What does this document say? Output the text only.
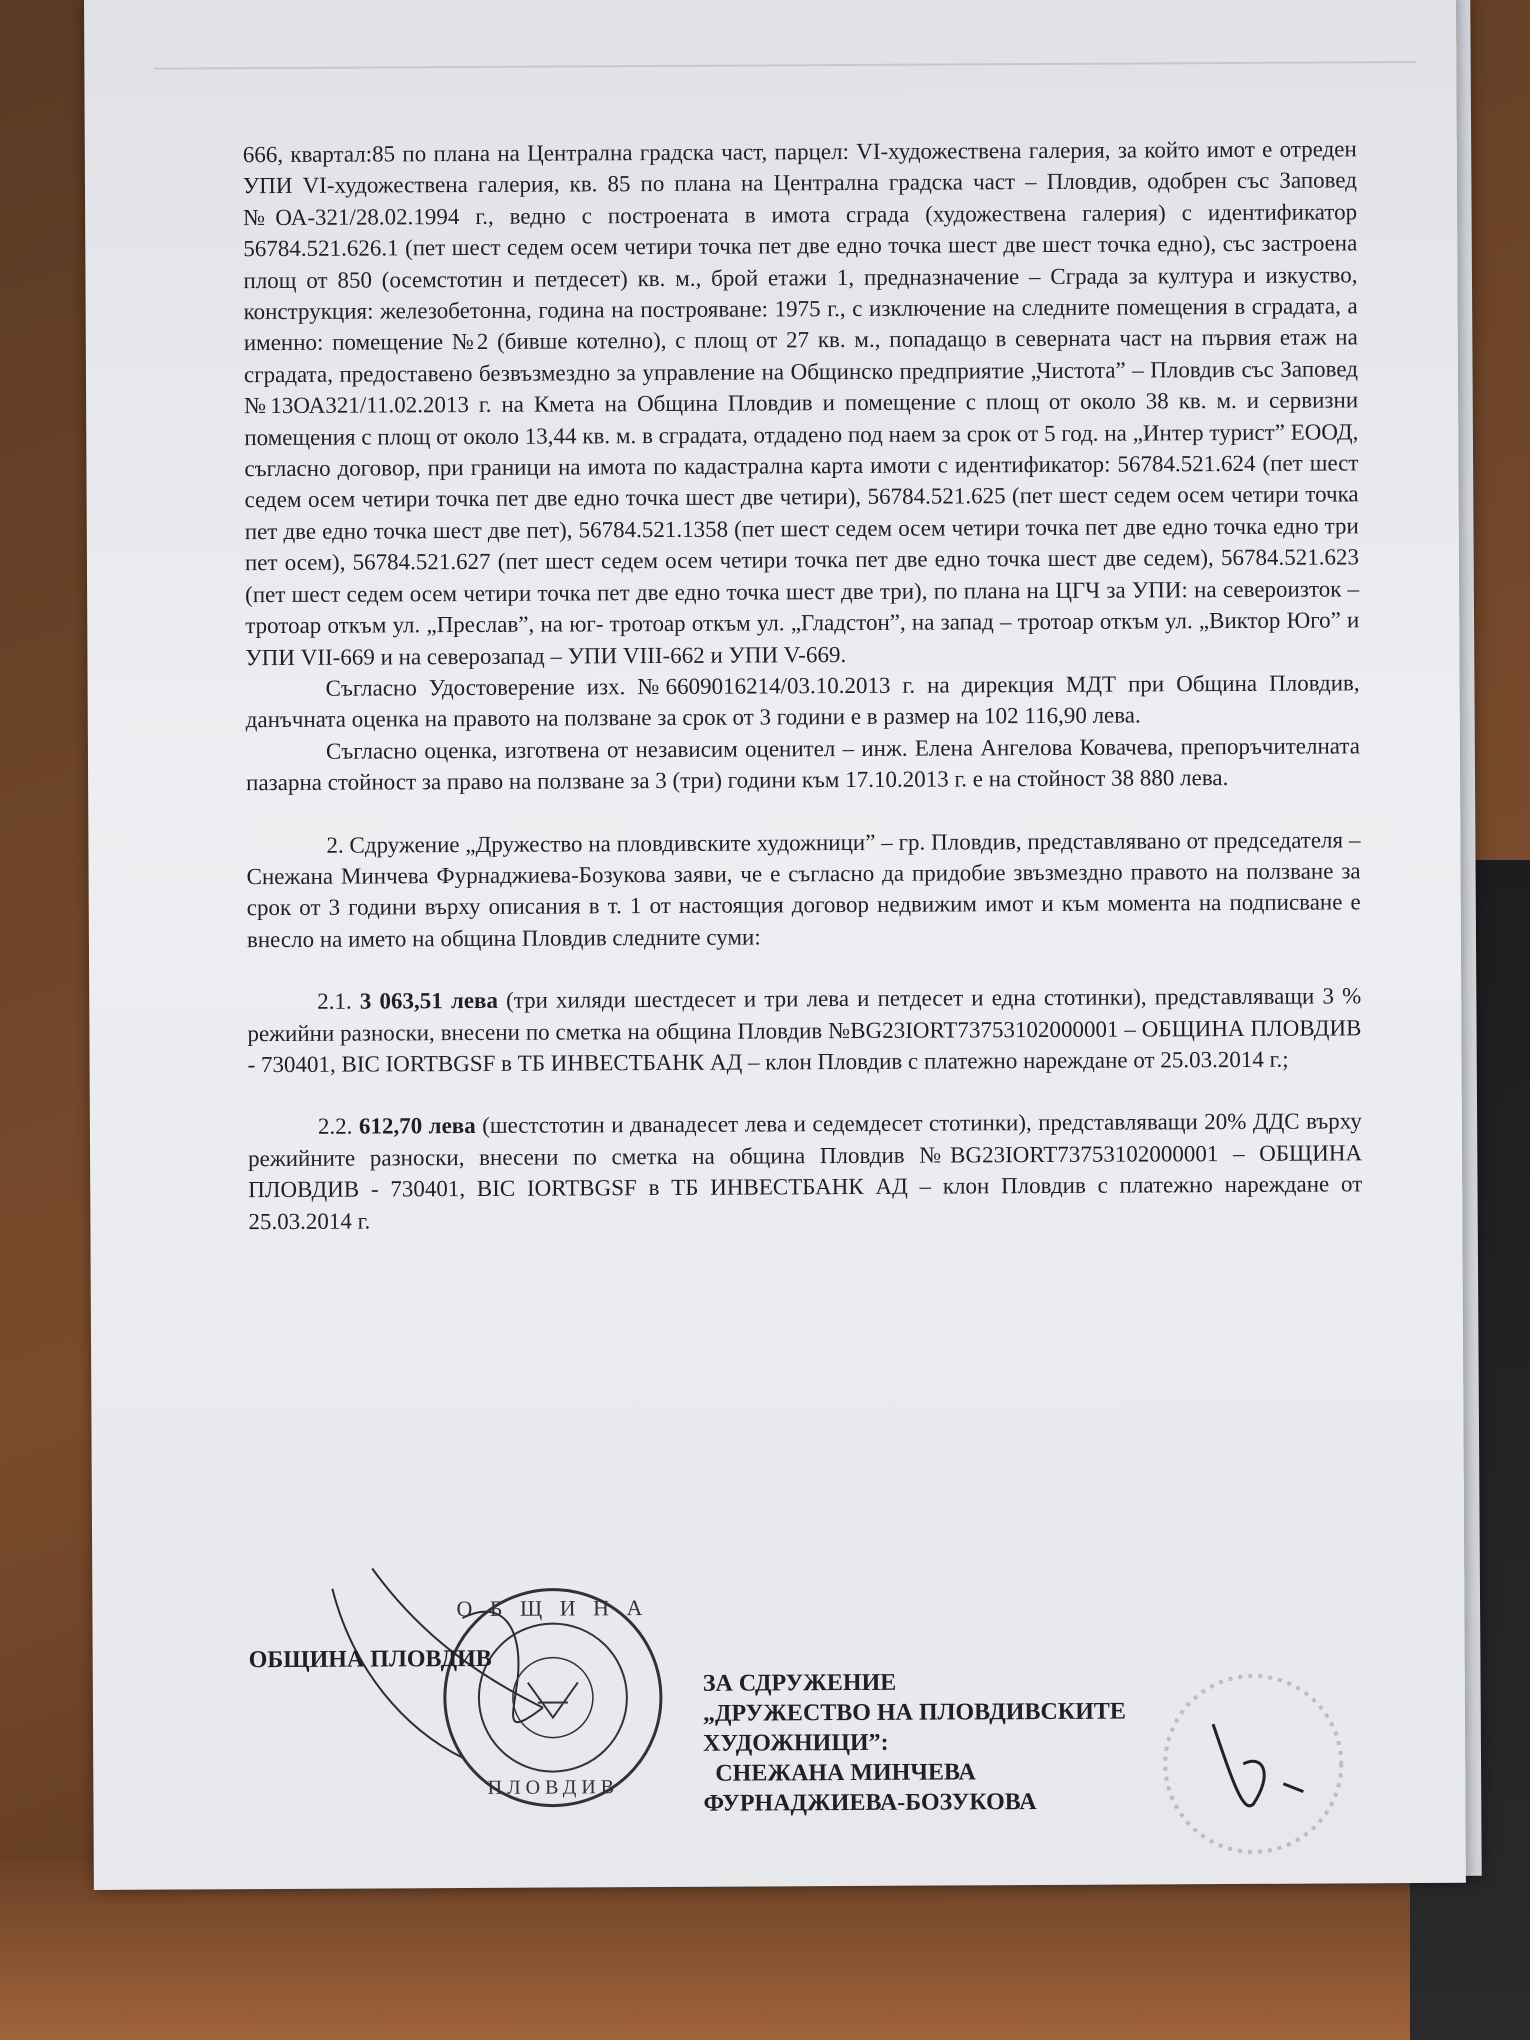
666, квартал:85 по плана на Централна градска част, парцел: VI-художествена галерия, за който имот е отреден УПИ VI-художествена галерия, кв. 85 по плана на Централна градска част – Пловдив, одобрен със Заповед №ОА-321/28.02.1994 г., ведно с построената в имота сграда (художествена галерия) с идентификатор 56784.521.626.1 (пет шест седем осем четири точка пет две едно точка шест две шест точка едно), със застроена площ от 850 (осемстотин и петдесет) кв. м., брой етажи 1, предназначение – Сграда за култура и изкуство, конструкция: железобетонна, година на построяване: 1975 г., с изключение на следните помещения в сградата, а именно: помещение №2 (бивше котелно), с площ от 27 кв. м., попадащо в северната част на първия етаж на сградата, предоставено безвъзмездно за управление на Общинско предприятие „Чистота” – Пловдив със Заповед №13ОА321/11.02.2013 г. на Кмета на Община Пловдив и помещение с площ от около 38 кв. м. и сервизни помещения с площ от около 13,44 кв. м. в сградата, отдадено под наем за срок от 5 год. на „Интер турист” ЕООД, съгласно договор, при граници на имота по кадастрална карта имоти с идентификатор: 56784.521.624 (пет шест седем осем четири точка пет две едно точка шест две четири), 56784.521.625 (пет шест седем осем четири точка пет две едно точка шест две пет), 56784.521.1358 (пет шест седем осем четири точка пет две едно точка едно три пет осем), 56784.521.627 (пет шест седем осем четири точка пет две едно точка шест две седем), 56784.521.623 (пет шест седем осем четири точка пет две едно точка шест две три), по плана на ЦГЧ за УПИ: на североизток – тротоар откъм ул. „Преслав”, на юг- тротоар откъм ул. „Гладстон”, на запад – тротоар откъм ул. „Виктор Юго” и УПИ VII-669 и на северозапад – УПИ VIII-662 и УПИ V-669.

Съгласно Удостоверение изх. №6609016214/03.10.2013 г. на дирекция МДТ при Община Пловдив, данъчната оценка на правото на ползване за срок от 3 години е в размер на 102 116,90 лева.

Съгласно оценка, изготвена от независим оценител – инж. Елена Ангелова Ковачева, препоръчителната пазарна стойност за право на ползване за 3 (три) години към 17.10.2013 г. е на стойност 38 880 лева.

2. Сдружение „Дружество на пловдивските художници” – гр. Пловдив, представлявано от председателя – Снежана Минчева Фурнаджиева-Бозукова заяви, че е съгласно да придобие звъзмездно правото на ползване за срок от 3 години върху описания в т. 1 от настоящия договор недвижим имот и към момента на подписване е внесло на името на община Пловдив следните суми:

2.1. 3 063,51 лева (три хиляди шестдесет и три лева и петдесет и една стотинки), представляващи 3 % режийни разноски, внесени по сметка на община Пловдив №BG23IORT73753102000001 – ОБЩИНА ПЛОВДИВ - 730401, BIC IORTBGSF в ТБ ИНВЕСТБАНК АД – клон Пловдив с платежно нареждане от 25.03.2014 г.;

2.2. 612,70 лева (шестстотин и дванадесет лева и седемдесет стотинки), представляващи 20% ДДС върху режийните разноски, внесени по сметка на община Пловдив №BG23IORT73753102000001 – ОБЩИНА ПЛОВДИВ - 730401, BIC IORTBGSF в ТБ ИНВЕСТБАНК АД – клон Пловдив с платежно нареждане от 25.03.2014 г.

О Б Щ И Н А
ПЛОВДИВ
ОБЩИНА ПЛОВДИВ
ЗА СДРУЖЕНИЕ
„ДРУЖЕСТВО НА ПЛОВДИВСКИТЕ
ХУДОЖНИЦИ”:
СНЕЖАНА МИНЧЕВА
ФУРНАДЖИЕВА-БОЗУКОВА
